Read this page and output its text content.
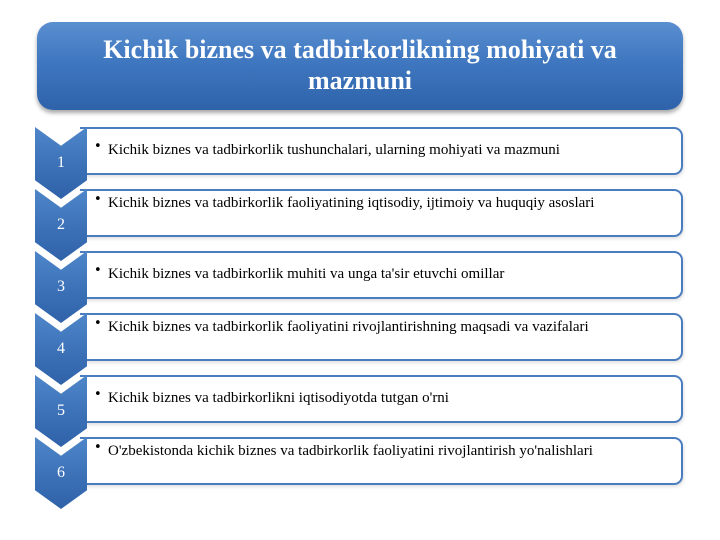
Kichik biznes va tadbirkorlikning mohiyati va
mazmuni
1
• Kichik biznes va tadbirkorlik tushunchalari, ularning mohiyati va mazmuni
2
• Kichik biznes va tadbirkorlik faoliyatining iqtisodiy, ijtimoiy va huquqiy asoslari
3
• Kichik biznes va tadbirkorlik muhiti va unga ta'sir etuvchi omillar
4
• Kichik biznes va tadbirkorlik faoliyatini rivojlantirishning maqsadi va vazifalari
5
• Kichik biznes va tadbirkorlikni iqtisodiyotda tutgan o'rni
6
• O'zbekistonda kichik biznes va tadbirkorlik faoliyatini rivojlantirish yo'nalishlari
